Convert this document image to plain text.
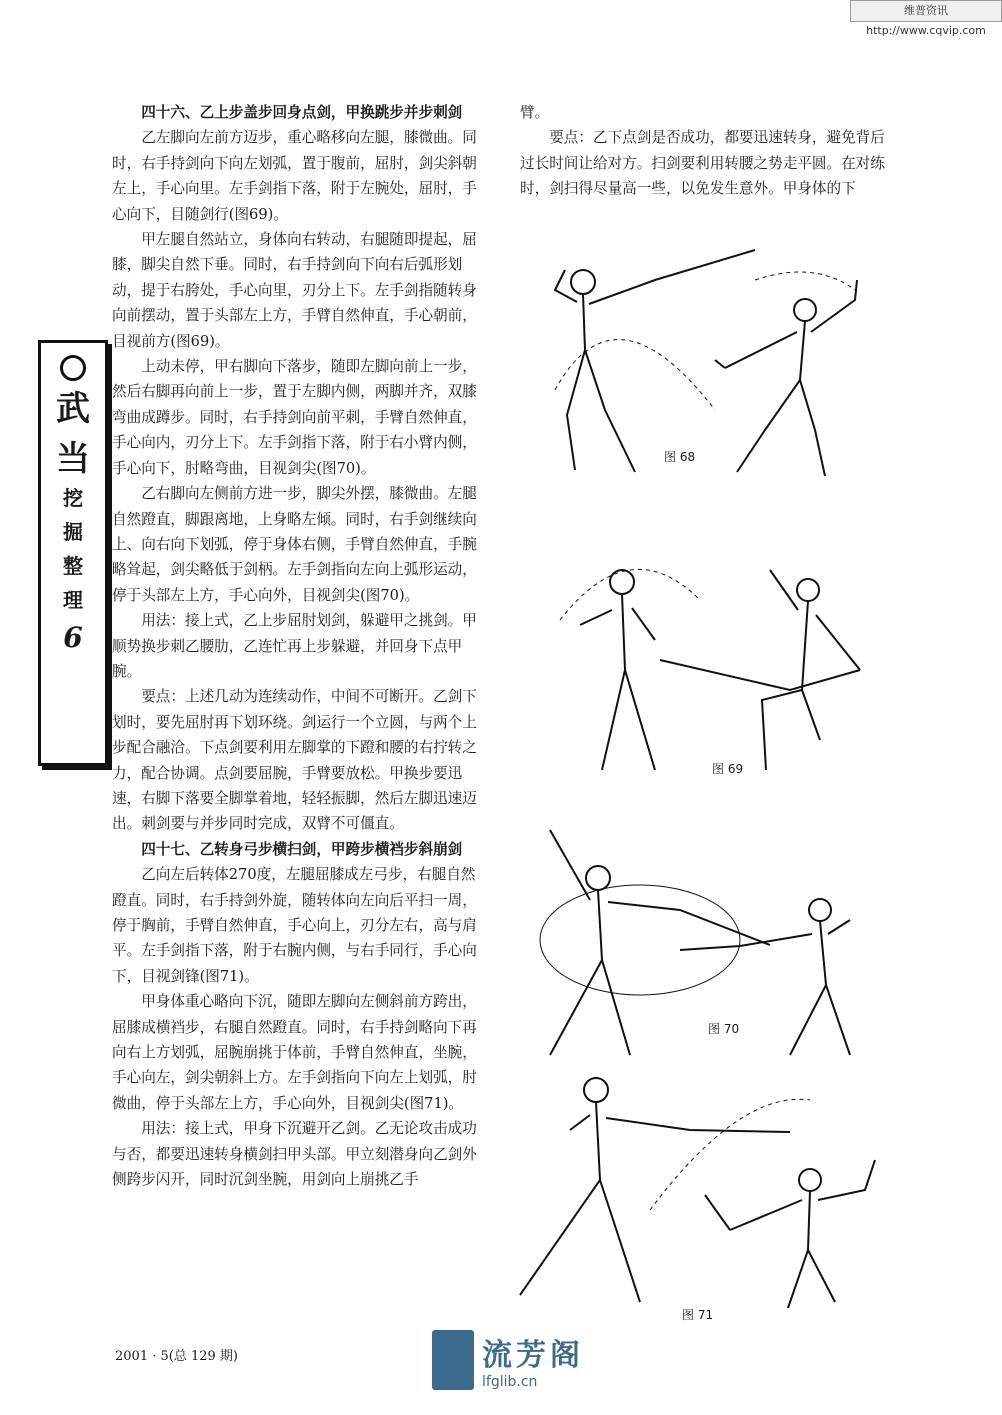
维普资讯 http://www.cqvip.com
武
当
挖
掘
整
理
6

四十六、乙上步盖步回身点剑，甲换跳步并步刺剑

乙左脚向左前方迈步，重心略移向左腿，膝微曲。同时，右手持剑向下向左划弧，置于腹前，屈肘，剑尖斜朝左上，手心向里。左手剑指下落，附于左腕处，屈肘，手心向下，目随剑行(图69)。

甲左腿自然站立，身体向右转动，右腿随即提起，屈膝，脚尖自然下垂。同时，右手持剑向下向右后弧形划动，提于右胯处，手心向里，刃分上下。左手剑指随转身向前摆动，置于头部左上方，手臂自然伸直，手心朝前，目视前方(图69)。

上动未停，甲右脚向下落步，随即左脚向前上一步，然后右脚再向前上一步，置于左脚内侧，两脚并齐，双膝弯曲成蹲步。同时，右手持剑向前平刺，手臂自然伸直，手心向内，刃分上下。左手剑指下落，附于右小臂内侧，手心向下，肘略弯曲，目视剑尖(图70)。

乙右脚向左侧前方进一步，脚尖外摆，膝微曲。左腿自然蹬直，脚跟离地，上身略左倾。同时，右手剑继续向上、向右向下划弧，停于身体右侧，手臂自然伸直，手腕略耸起，剑尖略低于剑柄。左手剑指向左向上弧形运动，停于头部左上方，手心向外，目视剑尖(图70)。

用法：接上式，乙上步屈肘划剑，躲避甲之挑剑。甲顺势换步刺乙腰肋，乙连忙再上步躲避，并回身下点甲腕。

要点：上述几动为连续动作，中间不可断开。乙剑下划时，要先屈肘再下划环绕。剑运行一个立圆，与两个上步配合融洽。下点剑要利用左脚掌的下蹬和腰的右拧转之力，配合协调。点剑要屈腕，手臂要放松。甲换步要迅速，右脚下落要全脚掌着地，轻轻振脚，然后左脚迅速迈出。刺剑要与并步同时完成，双臂不可僵直。

四十七、乙转身弓步横扫剑，甲跨步横裆步斜崩剑

乙向左后转体270度，左腿屈膝成左弓步，右腿自然蹬直。同时，右手持剑外旋，随转体向左向后平扫一周，停于胸前，手臂自然伸直，手心向上，刃分左右，高与肩平。左手剑指下落，附于右腕内侧，与右手同行，手心向下，目视剑锋(图71)。

甲身体重心略向下沉，随即左脚向左侧斜前方跨出，屈膝成横裆步，右腿自然蹬直。同时，右手持剑略向下再向右上方划弧，屈腕崩挑于体前，手臂自然伸直，坐腕，手心向左，剑尖朝斜上方。左手剑指向下向左上划弧，肘微曲，停于头部左上方，手心向外，目视剑尖(图71)。

用法：接上式，甲身下沉避开乙剑。乙无论攻击成功与否，都要迅速转身横剑扫甲头部。甲立刻潜身向乙剑外侧跨步闪开，同时沉剑坐腕，用剑向上崩挑乙手

臂。

要点：乙下点剑是否成功，都要迅速转身，避免背后过长时间让给对方。扫剑要利用转腰之势走平圆。在对练时，剑扫得尽量高一些，以免发生意外。甲身体的下

图 68
图 69
图 70
图 71
2001 · 5(总 129 期)	流芳阁
lfglib.cn
